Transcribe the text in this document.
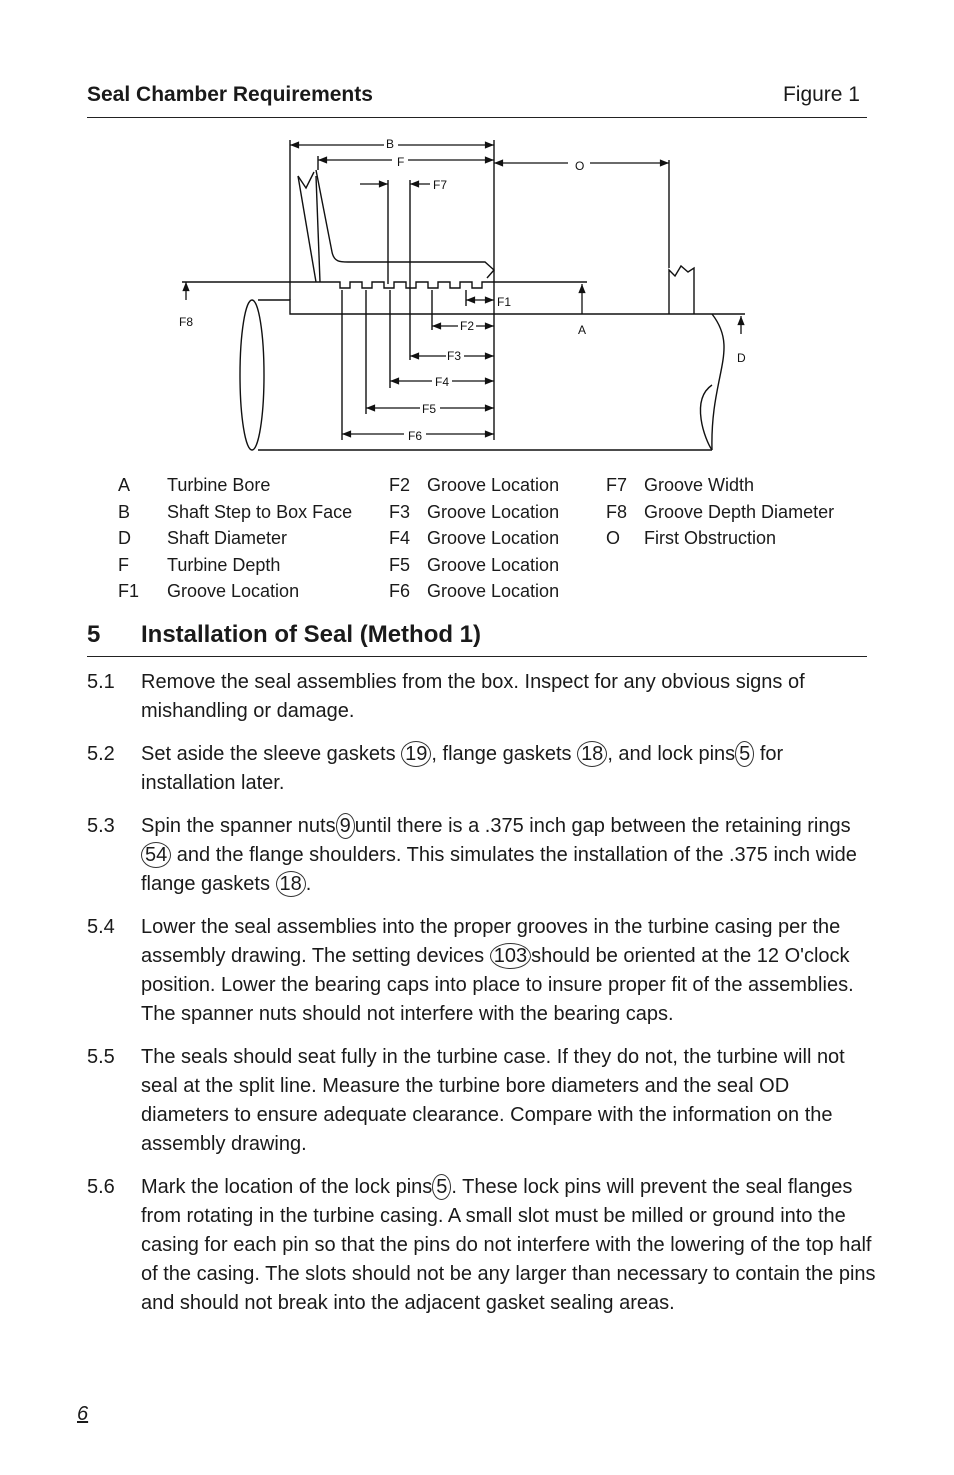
Seal Chamber Requirements	Figure 1
B
F
F7
O
F1
F2
F3
F4
F5
F6
F8
A
D
A Turbine Bore
B Shaft Step to Box Face
D Shaft Diameter
F Turbine Depth
F1 Groove Location
F2 Groove Location
F3 Groove Location
F4 Groove Location
F5 Groove Location
F6 Groove Location
F7 Groove Width
F8 Groove Depth Diameter
O First Obstruction
5 Installation of Seal (Method 1)
5.1 Remove the seal assemblies from the box. Inspect for any obvious signs of mishandling or damage.
5.2 Set aside the sleeve gaskets 19 , flange gaskets 18 , and lock pins 5 for installation later.
5.3 Spin the spanner nuts 9 until there is a .375 inch gap between the retaining rings 54 and the flange shoulders. This simulates the installation of the .375 inch wide flange gaskets 18 .
5.4 Lower the seal assemblies into the proper grooves in the turbine casing per the assembly drawing. The setting devices 103 should be oriented at the 12 O'clock position. Lower the bearing caps into place to insure proper fit of the assemblies. The spanner nuts should not interfere with the bearing caps.
5.5 The seals should seat fully in the turbine case. If they do not, the turbine will not seal at the split line. Measure the turbine bore diameters and the seal OD diameters to ensure adequate clearance. Compare with the information on the assembly drawing.
5.6 Mark the location of the lock pins 5 . These lock pins will prevent the seal flanges from rotating in the turbine casing. A small slot must be milled or ground into the casing for each pin so that the pins do not interfere with the lowering of the top half of the casing. The slots should not be any larger than necessary to contain the pins and should not break into the adjacent gasket sealing areas.
6
